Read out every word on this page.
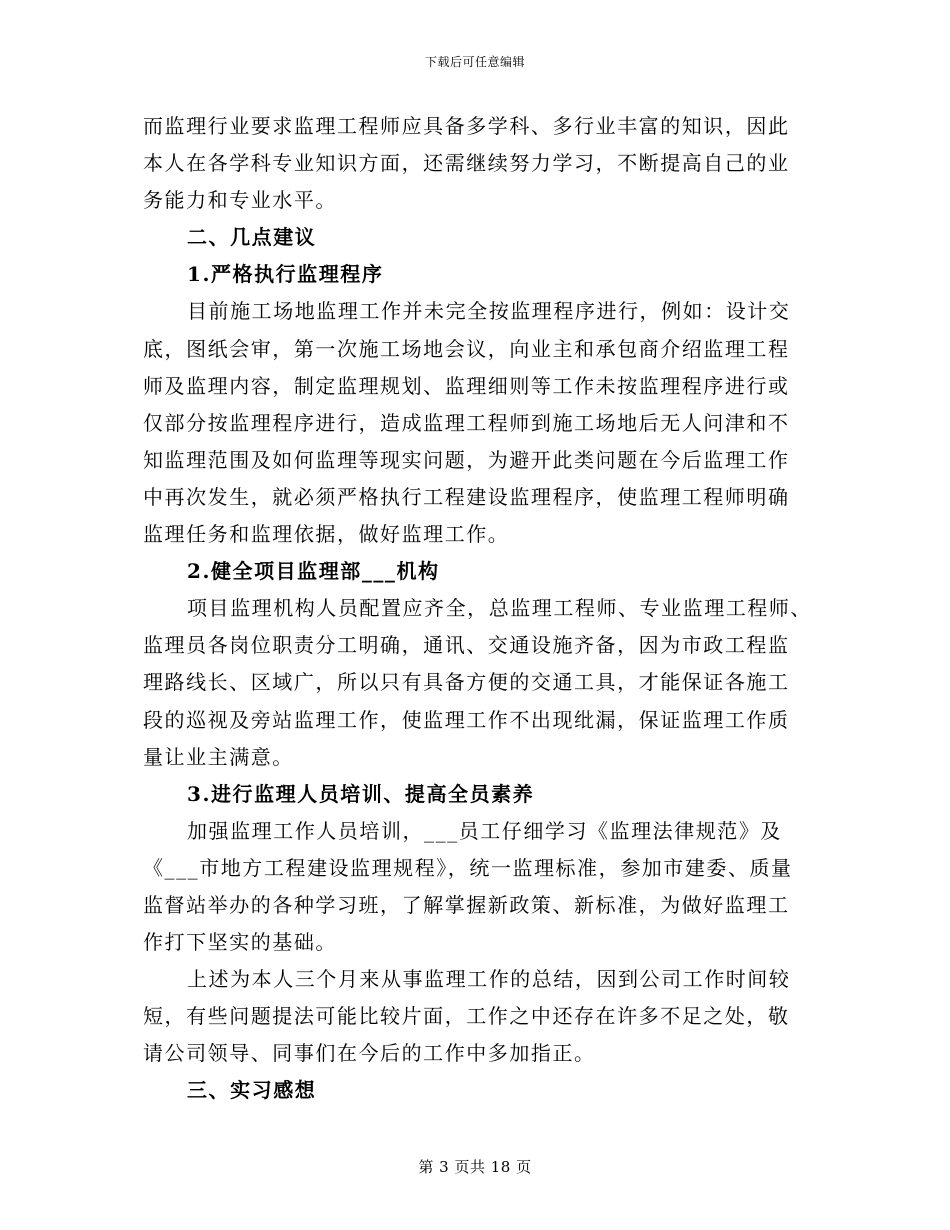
下载后可任意编辑
而监理行业要求监理工程师应具备多学科、多行业丰富的知识，因此
本人在各学科专业知识方面，还需继续努力学习，不断提高自己的业
务能力和专业水平。
二、几点建议
1.严格执行监理程序
目前施工场地监理工作并未完全按监理程序进行，例如：设计交
底，图纸会审，第一次施工场地会议，向业主和承包商介绍监理工程
师及监理内容，制定监理规划、监理细则等工作未按监理程序进行或
仅部分按监理程序进行，造成监理工程师到施工场地后无人问津和不
知监理范围及如何监理等现实问题，为避开此类问题在今后监理工作
中再次发生，就必须严格执行工程建设监理程序，使监理工程师明确
监理任务和监理依据，做好监理工作。
2.健全项目监理部___机构
项目监理机构人员配置应齐全，总监理工程师、专业监理工程师、
监理员各岗位职责分工明确，通讯、交通设施齐备，因为市政工程监
理路线长、区域广，所以只有具备方便的交通工具，才能保证各施工
段的巡视及旁站监理工作，使监理工作不出现纰漏，保证监理工作质
量让业主满意。
3.进行监理人员培训、提高全员素养
加强监理工作人员培训，___员工仔细学习《监理法律规范》及
《___市地方工程建设监理规程》，统一监理标准，参加市建委、质量
监督站举办的各种学习班，了解掌握新政策、新标准，为做好监理工
作打下坚实的基础。
上述为本人三个月来从事监理工作的总结，因到公司工作时间较
短，有些问题提法可能比较片面，工作之中还存在许多不足之处，敬
请公司领导、同事们在今后的工作中多加指正。
三、实习感想
第 3 页共 18 页
